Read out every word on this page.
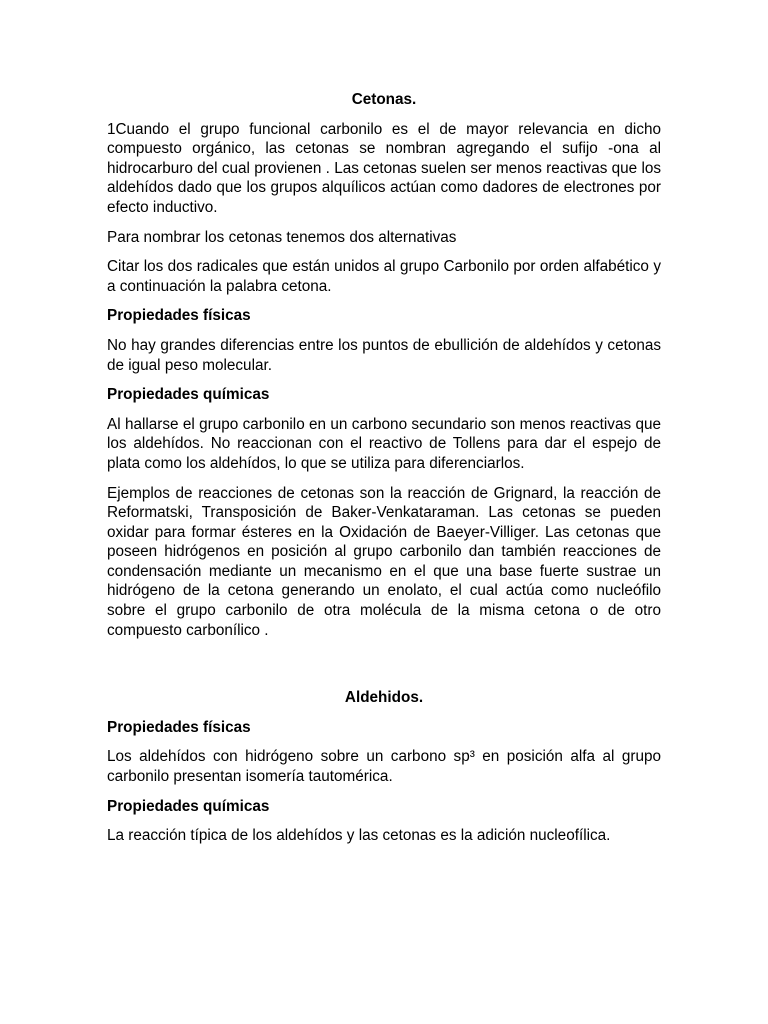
Cetonas.

1Cuando el grupo funcional carbonilo es el de mayor relevancia en dicho compuesto orgánico, las cetonas se nombran agregando el sufijo -ona al hidrocarburo del cual provienen . Las cetonas suelen ser menos reactivas que los aldehídos dado que los grupos alquílicos actúan como dadores de electrones por efecto inductivo.

Para nombrar los cetonas tenemos dos alternativas

Citar los dos radicales que están unidos al grupo Carbonilo por orden alfabético y a continuación la palabra cetona.

Propiedades físicas

No hay grandes diferencias entre los puntos de ebullición de aldehídos y cetonas de igual peso molecular.

Propiedades químicas

Al hallarse el grupo carbonilo en un carbono secundario son menos reactivas que los aldehídos. No reaccionan con el reactivo de Tollens para dar el espejo de plata como los aldehídos, lo que se utiliza para diferenciarlos.

Ejemplos de reacciones de cetonas son la reacción de Grignard, la reacción de Reformatski, Transposición de Baker-Venkataraman. Las cetonas se pueden oxidar para formar ésteres en la Oxidación de Baeyer-Villiger. Las cetonas que poseen hidrógenos en posición al grupo carbonilo dan también reacciones de condensación mediante un mecanismo en el que una base fuerte sustrae un hidrógeno de la cetona generando un enolato, el cual actúa como nucleófilo sobre el grupo carbonilo de otra molécula de la misma cetona o de otro compuesto carbonílico .

Aldehidos.
Propiedades físicas

Los aldehídos con hidrógeno sobre un carbono sp³ en posición alfa al grupo carbonilo presentan isomería tautomérica.

Propiedades químicas

La reacción típica de los aldehídos y las cetonas es la adición nucleofílica.
